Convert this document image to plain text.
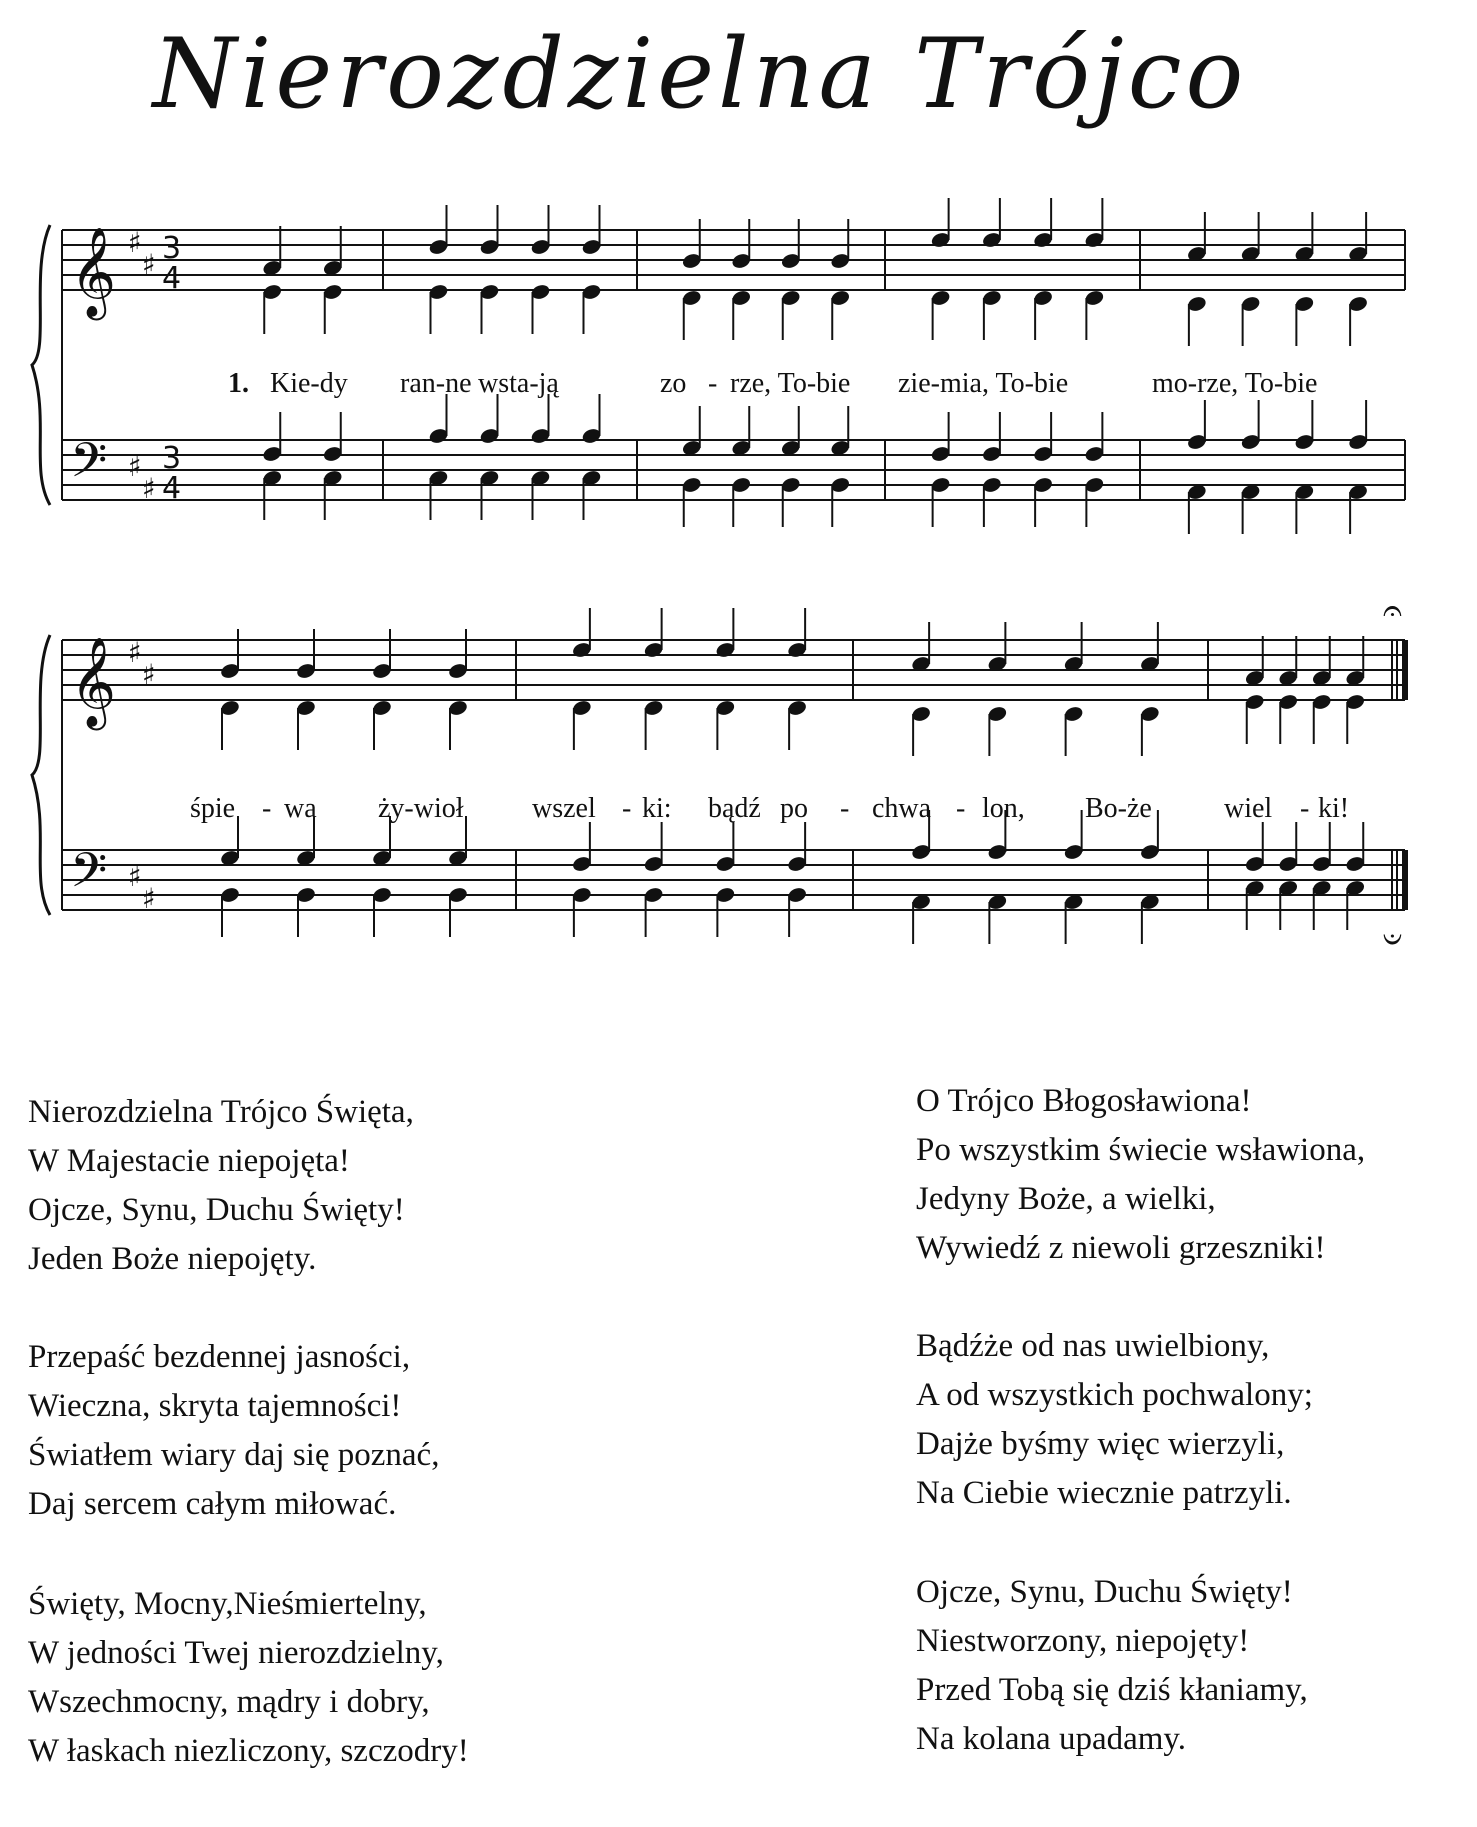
Nierozdzielna Trójco
𝄞
𝄢
♯
♯
♯
♯
3
4
3
4
𝄞
𝄢
♯
♯
♯
♯
𝄐
𝄑
1. Kie-dy ran-ne wsta-ją	zo - rze, To-bie zie-mia, To-bie	mo-rze, To-bie
śpie - wa ży-wioł wszel - ki: bądź po - chwa - lon, Bo-że	wiel - ki!
Nierozdzielna Trójco Święta,
W Majestacie niepojęta!
Ojcze, Synu, Duchu Święty!
Jeden Boże niepojęty.
Przepaść bezdennej jasności,
Wieczna, skryta tajemności!
Światłem wiary daj się poznać,
Daj sercem całym miłować.
Święty, Mocny,Nieśmiertelny,
W jedności Twej nierozdzielny,
Wszechmocny, mądry i dobry,
W łaskach niezliczony, szczodry!
O Trójco Błogosławiona!
Po wszystkim świecie wsławiona,
Jedyny Boże, a wielki,
Wywiedź z niewoli grzeszniki!
Bądźże od nas uwielbiony,
A od wszystkich pochwalony;
Dajże byśmy więc wierzyli,
Na Ciebie wiecznie patrzyli.
Ojcze, Synu, Duchu Święty!
Niestworzony, niepojęty!
Przed Tobą się dziś kłaniamy,
Na kolana upadamy.
